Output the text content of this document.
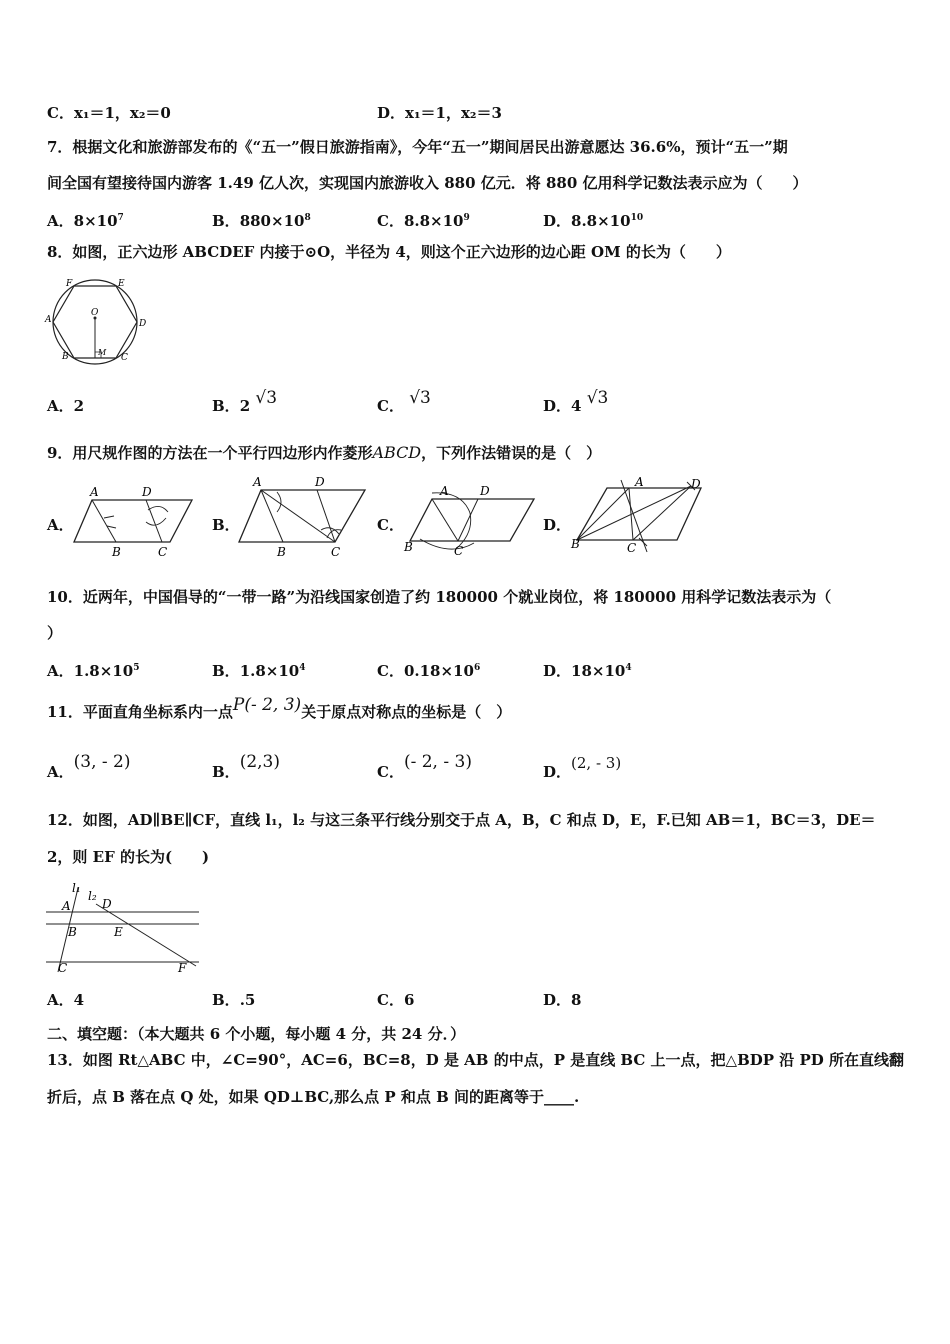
C．x₁＝1，x₂＝0	D．x₁＝1，x₂＝3
7．根据文化和旅游部发布的《“五一”假日旅游指南》，今年“五一”期间居民出游意愿达 36.6%，预计“五一”期
间全国有望接待国内游客 1.49 亿人次，实现国内旅游收入 880 亿元．将 880 亿用科学记数法表示应为（　　）
A．$8\times 10^7$	B．$880\times 10^8$	C．$8.8\times 10^9$	D．$8.8\times 10^{10}$
8．如图，正六边形 ABCDEF 内接于⊙O，半径为 4，则这个正六边形的边心距 OM 的长为（　　）
F	E
A
O
D
B	M
C
A．2	B．2 √3	C． √3	D．4 √3
9．用尺规作图的方法在一个平行四边形内作菱形ABCD，下列作法错误的是（　）
A．
A	D
B	C
B．
A	D
B	C
C．
A	D
B	C
D．
A	D
B	C
10．近两年，中国倡导的“一带一路”为沿线国家创造了约 180000 个就业岗位，将 180000 用科学记数法表示为（
）
A．$1.8\times 10^5$	B．$1.8\times 10^4$	C．$0.18\times 10^6$	D．$18\times 10^4$
11．平面直角坐标系内一点P(- 2, 3)关于原点对称点的坐标是（　）
A．(3, - 2)	B．(2,3)	C．(- 2, - 3)	D．(2, - 3)
12．如图，AD∥BE∥CF，直线 l₁，l₂ 与这三条平行线分别交于点 A，B，C 和点 D，E，F.已知 AB＝1，BC＝3，DE＝
2，则 EF 的长为(　　)
l₁
l₂
A	D
B	E
C	F
A．4	B．.5	C．6	D．8
二、填空题：（本大题共 6 个小题，每小题 4 分，共 24 分．）
13．如图 Rt△ABC 中，∠C=90°，AC=6，BC=8，D 是 AB 的中点，P 是直线 BC 上一点，把△BDP 沿 PD 所在直线翻
折后，点 B 落在点 Q 处，如果 QD⊥BC,那么点 P 和点 B 间的距离等于____.
